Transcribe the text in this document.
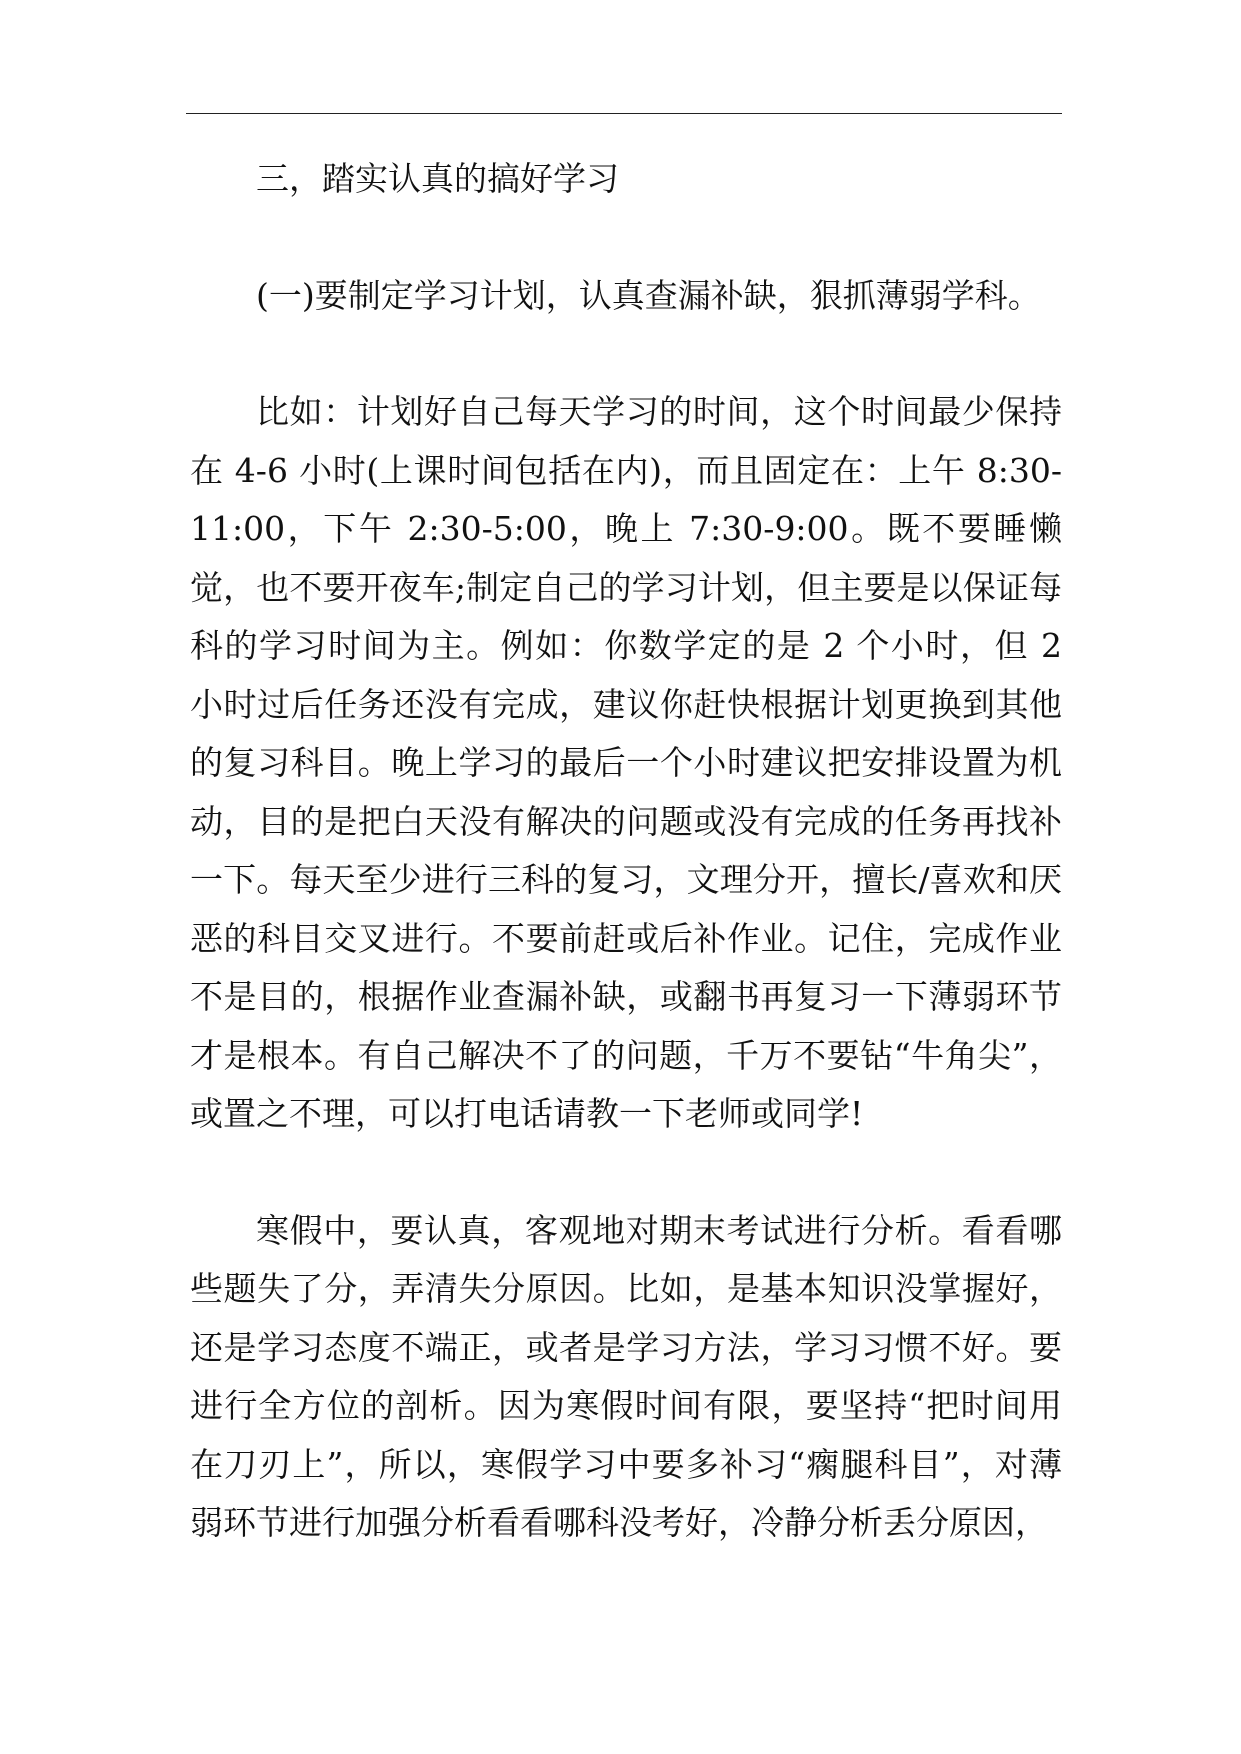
三，踏实认真的搞好学习

(一)要制定学习计划，认真查漏补缺，狠抓薄弱学科。

比如：计划好自己每天学习的时间，这个时间最少保持在 4-6 小时(上课时间包括在内)，而且固定在：上午 8:30-11:00，下午 2:30-5:00，晚上 7:30-9:00。既不要睡懒觉，也不要开夜车;制定自己的学习计划，但主要是以保证每科的学习时间为主。例如：你数学定的是 2 个小时，但 2 小时过后任务还没有完成，建议你赶快根据计划更换到其他的复习科目。晚上学习的最后一个小时建议把安排设置为机动，目的是把白天没有解决的问题或没有完成的任务再找补一下。每天至少进行三科的复习，文理分开，擅长/喜欢和厌恶的科目交叉进行。不要前赶或后补作业。记住，完成作业不是目的，根据作业查漏补缺，或翻书再复习一下薄弱环节才是根本。有自己解决不了的问题，千万不要钻“牛角尖”，或置之不理，可以打电话请教一下老师或同学!

寒假中，要认真，客观地对期末考试进行分析。看看哪些题失了分，弄清失分原因。比如，是基本知识没掌握好，还是学习态度不端正，或者是学习方法，学习习惯不好。要进行全方位的剖析。因为寒假时间有限，要坚持“把时间用在刀刃上”，所以，寒假学习中要多补习“瘸腿科目”，对薄弱环节进行加强分析看看哪科没考好，冷静分析丢分原因，
